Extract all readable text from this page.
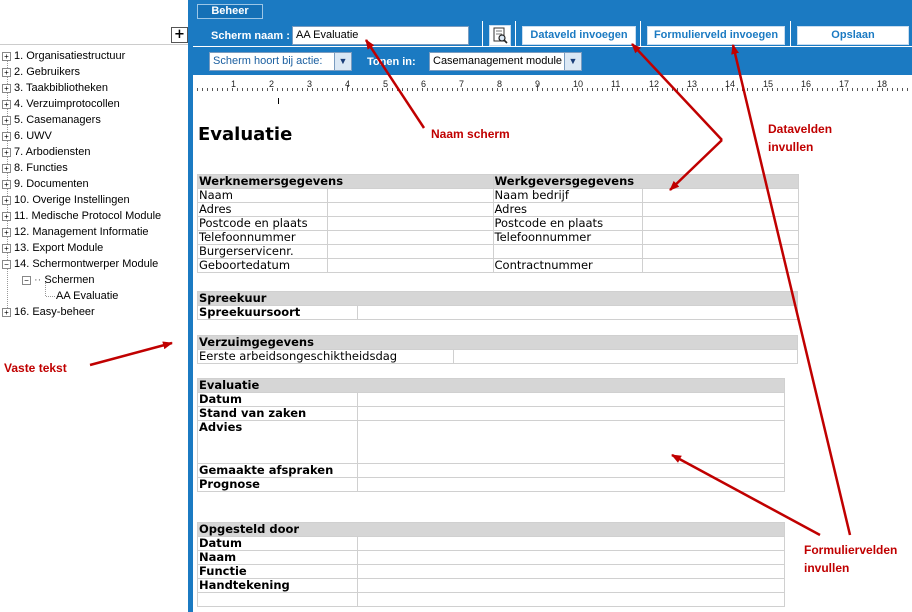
+
+ 1. Organisatiestructuur
+ 2. Gebruikers
+ 3. Taakbibliotheken
+ 4. Verzuimprotocollen
+ 5. Casemanagers
+ 6. UWV
+ 7. Arbodiensten
+ 8. Functies
+ 9. Documenten
+ 10. Overige Instellingen
+ 11. Medische Protocol Module
+ 12. Management Informatie
+ 13. Export Module
− 14. Schermontwerper Module
− ·· Schermen
AA Evaluatie
+ 16. Easy-beheer
Beheer
Scherm naam : AA Evaluatie	Dataveld invoegen	Formulierveld invoegen	Opslaan
Scherm hoort bij actie:	▼	Tonen in:	Casemanagement module ▼
1	2	3	4	5	6	7	8	9	10	11	12	13	14	15	16	17	18
Evaluatie
Werknemersgegevens		Werkgeversgegevens	
Naam		Naam bedrijf	
Adres		Adres	
Postcode en plaats		Postcode en plaats	
Telefoonnummer		Telefoonnummer	
Burgerservicenr.			
Geboortedatum		Contractnummer	
Spreekuur
Spreekuursoort	
Verzuimgegevens
Eerste arbeidsongeschiktheidsdag	
Evaluatie	
Datum	
Stand van zaken	
Advies	
Gemaakte afspraken	
Prognose	
Opgesteld door	
Datum	
Naam	
Functie	
Handtekening	

Naam scherm	Datavelden
invullen
Formuliervelden
invullen
Vaste tekst
